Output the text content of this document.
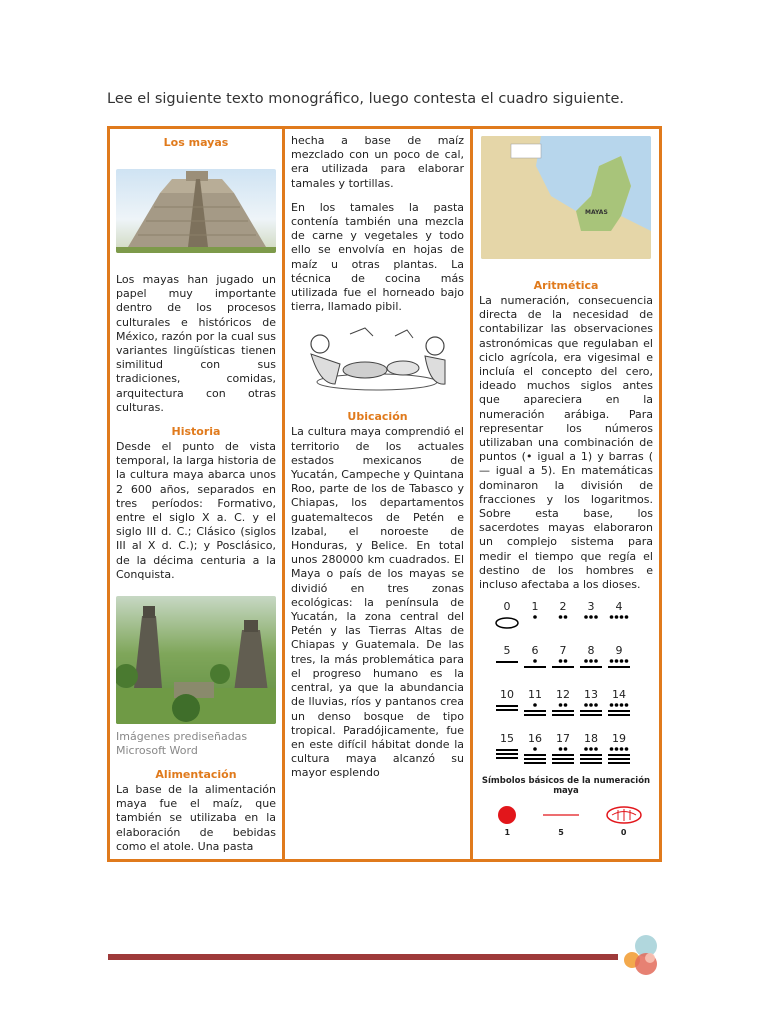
Lee el siguiente texto monográfico, luego contesta el cuadro siguiente.
Los mayas

Los mayas han jugado un papel muy importante dentro de los procesos culturales e históricos de México, razón por la cual sus variantes lingüísticas tienen similitud con sus tradiciones, comidas, arquitectura con otras culturas.

Historia

Desde el punto de vista temporal, la larga historia de la cultura maya abarca unos 2 600 años, separados en tres períodos: Formativo, entre el siglo X a. C. y el siglo III d. C.; Clásico (siglos III al X d. C.); y Posclásico, de la décima centuria a la Conquista.

Imágenes prediseñadas Microsoft Word
Alimentación

La base de la alimentación maya fue el maíz, que también se utilizaba en la elaboración de bebidas como el atole. Una pasta

hecha a base de maíz mezclado con un poco de cal, era utilizada para elaborar tamales y tortillas.

En los tamales la pasta contenía también una mezcla de carne y vegetales y todo ello se envolvía en hojas de maíz u otras plantas. La técnica de cocina más utilizada fue el horneado bajo tierra, llamado pibil.

Ubicación

La cultura maya comprendió el territorio de los actuales estados mexicanos de Yucatán, Campeche y Quintana Roo, parte de los de Tabasco y Chiapas, los departamentos guatemaltecos de Petén e Izabal, el noroeste de Honduras, y Belice. En total unos 280000 km cuadrados. El Maya o país de los mayas se dividió en tres zonas ecológicas: la península de Yucatán, la zona central del Petén y las Tierras Altas de Chiapas y Guatemala. De las tres, la más problemática para el progreso humano es la central, ya que la abundancia de lluvias, ríos y pantanos crea un denso bosque de tipo tropical. Paradójicamente, fue en este difícil hábitat donde la cultura maya alcanzó su mayor esplendo

MAYAS
Aritmética

La numeración, consecuencia directa de la necesidad de contabilizar las observaciones astronómicas que regulaban el ciclo agrícola, era vigesimal e incluía el concepto del cero, ideado muchos siglos antes que apareciera en la numeración arábiga. Para representar los números utilizaban una combinación de puntos (• igual a 1) y barras ( — igual a 5). En matemáticas dominaron la división de fracciones y los logaritmos. Sobre esta base, los sacerdotes mayas elaboraron un complejo sistema para medir el tiempo que regía el destino de los hombres e incluso afectaba a los dioses.

0	1	2	3	4
5	6	7	8	9
10	11	12	13	14
15	16	17	18	19
Símbolos básicos de la numeración maya
1	5	0
